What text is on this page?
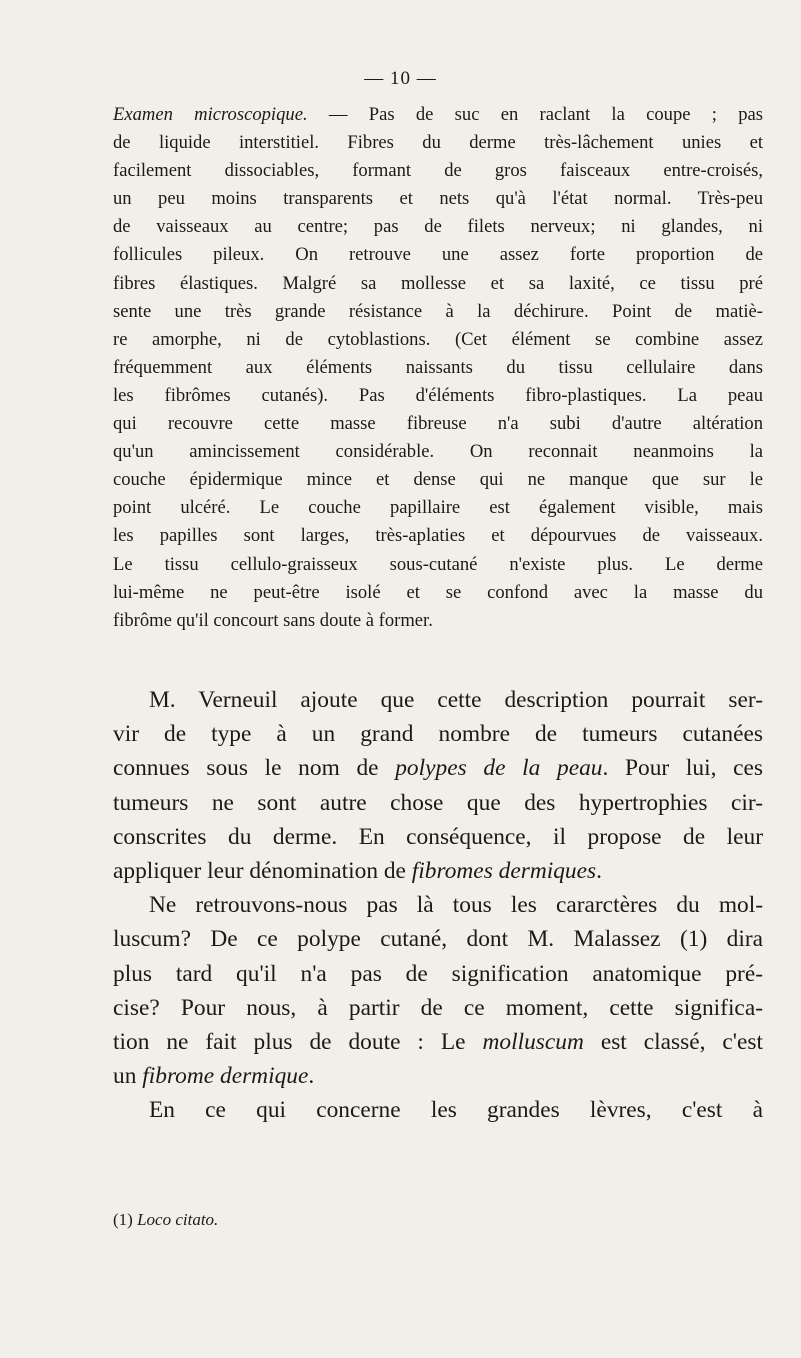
— 10 —
Examen microscopique. — Pas de suc en raclant la coupe ; pas
de liquide interstitiel. Fibres du derme très-lâchement unies et
facilement dissociables, formant de gros faisceaux entre-croisés,
un peu moins transparents et nets qu'à l'état normal. Très-peu
de vaisseaux au centre; pas de filets nerveux; ni glandes, ni
follicules pileux. On retrouve une assez forte proportion de
fibres élastiques. Malgré sa mollesse et sa laxité, ce tissu pré
sente une très grande résistance à la déchirure. Point de matiè-
re amorphe, ni de cytoblastions. (Cet élément se combine assez
fréquemment aux éléments naissants du tissu cellulaire dans
les fibrômes cutanés). Pas d'éléments fibro-plastiques. La peau
qui recouvre cette masse fibreuse n'a subi d'autre altération
qu'un amincissement considérable. On reconnait neanmoins la
couche épidermique mince et dense qui ne manque que sur le
point ulcéré. Le couche papillaire est également visible, mais
les papilles sont larges, très-aplaties et dépourvues de vaisseaux.
Le tissu cellulo-graisseux sous-cutané n'existe plus. Le derme
lui-même ne peut-être isolé et se confond avec la masse du
fibrôme qu'il concourt sans doute à former.
M. Verneuil ajoute que cette description pourrait ser-
vir de type à un grand nombre de tumeurs cutanées
connues sous le nom de polypes de la peau. Pour lui, ces
tumeurs ne sont autre chose que des hypertrophies cir-
conscrites du derme. En conséquence, il propose de leur
appliquer leur dénomination de fibromes dermiques.
Ne retrouvons-nous pas là tous les cararctères du mol-
luscum? De ce polype cutané, dont M. Malassez (1) dira
plus tard qu'il n'a pas de signification anatomique pré-
cise? Pour nous, à partir de ce moment, cette significa-
tion ne fait plus de doute : Le molluscum est classé, c'est
un fibrome dermique.
En ce qui concerne les grandes lèvres, c'est à
(1) Loco citato.
